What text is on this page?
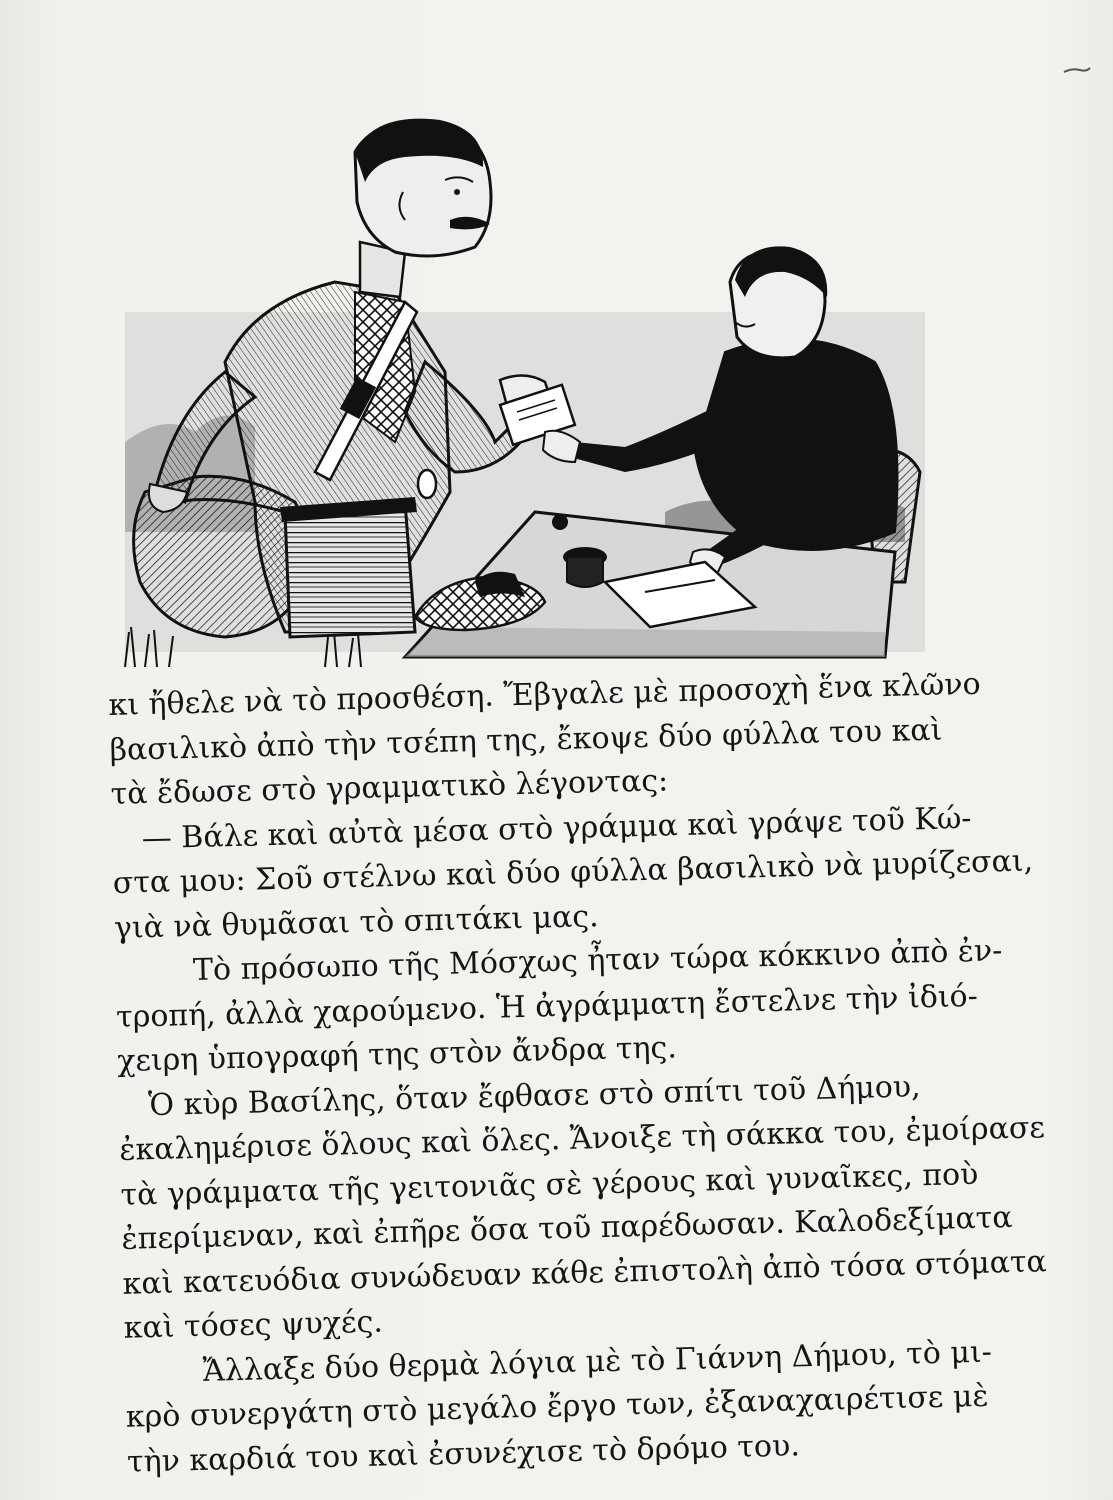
κι ἤθελε νὰ τὸ προσθέση. Ἔβγαλε μὲ προσοχὴ ἕνα κλῶνο
βασιλικὸ ἀπὸ τὴν τσέπη της, ἔκοψε δύο φύλλα του καὶ
τὰ ἔδωσε στὸ γραμματικὸ λέγοντας:
— Βάλε καὶ αὐτὰ μέσα στὸ γράμμα καὶ γράψε τοῦ Κώ-
στα μου: Σοῦ στέλνω καὶ δύο φύλλα βασιλικὸ νὰ μυρίζεσαι,
γιὰ νὰ θυμᾶσαι τὸ σπιτάκι μας.
Τὸ πρόσωπο τῆς Μόσχως ἦταν τώρα κόκκινο ἀπὸ ἐν-
τροπή, ἀλλὰ χαρούμενο. Ἡ ἀγράμματη ἔστελνε τὴν ἰδιό-
χειρη ὑπογραφή της στὸν ἄνδρα της.
Ὁ κὺρ Βασίλης, ὅταν ἔφθασε στὸ σπίτι τοῦ Δήμου,
ἐκαλημέρισε ὅλους καὶ ὅλες. Ἄνοιξε τὴ σάκκα του, ἐμοίρασε
τὰ γράμματα τῆς γειτονιᾶς σὲ γέρους καὶ γυναῖκες, ποὺ
ἐπερίμεναν, καὶ ἐπῆρε ὅσα τοῦ παρέδωσαν. Καλοδεξίματα
καὶ κατευόδια συνώδευαν κάθε ἐπιστολὴ ἀπὸ τόσα στόματα
καὶ τόσες ψυχές.
Ἄλλαξε δύο θερμὰ λόγια μὲ τὸ Γιάννη Δήμου, τὸ μι-
κρὸ συνεργάτη στὸ μεγάλο ἔργο των, ἐξαναχαιρέτισε μὲ
τὴν καρδιά του καὶ ἐσυνέχισε τὸ δρόμο του.
